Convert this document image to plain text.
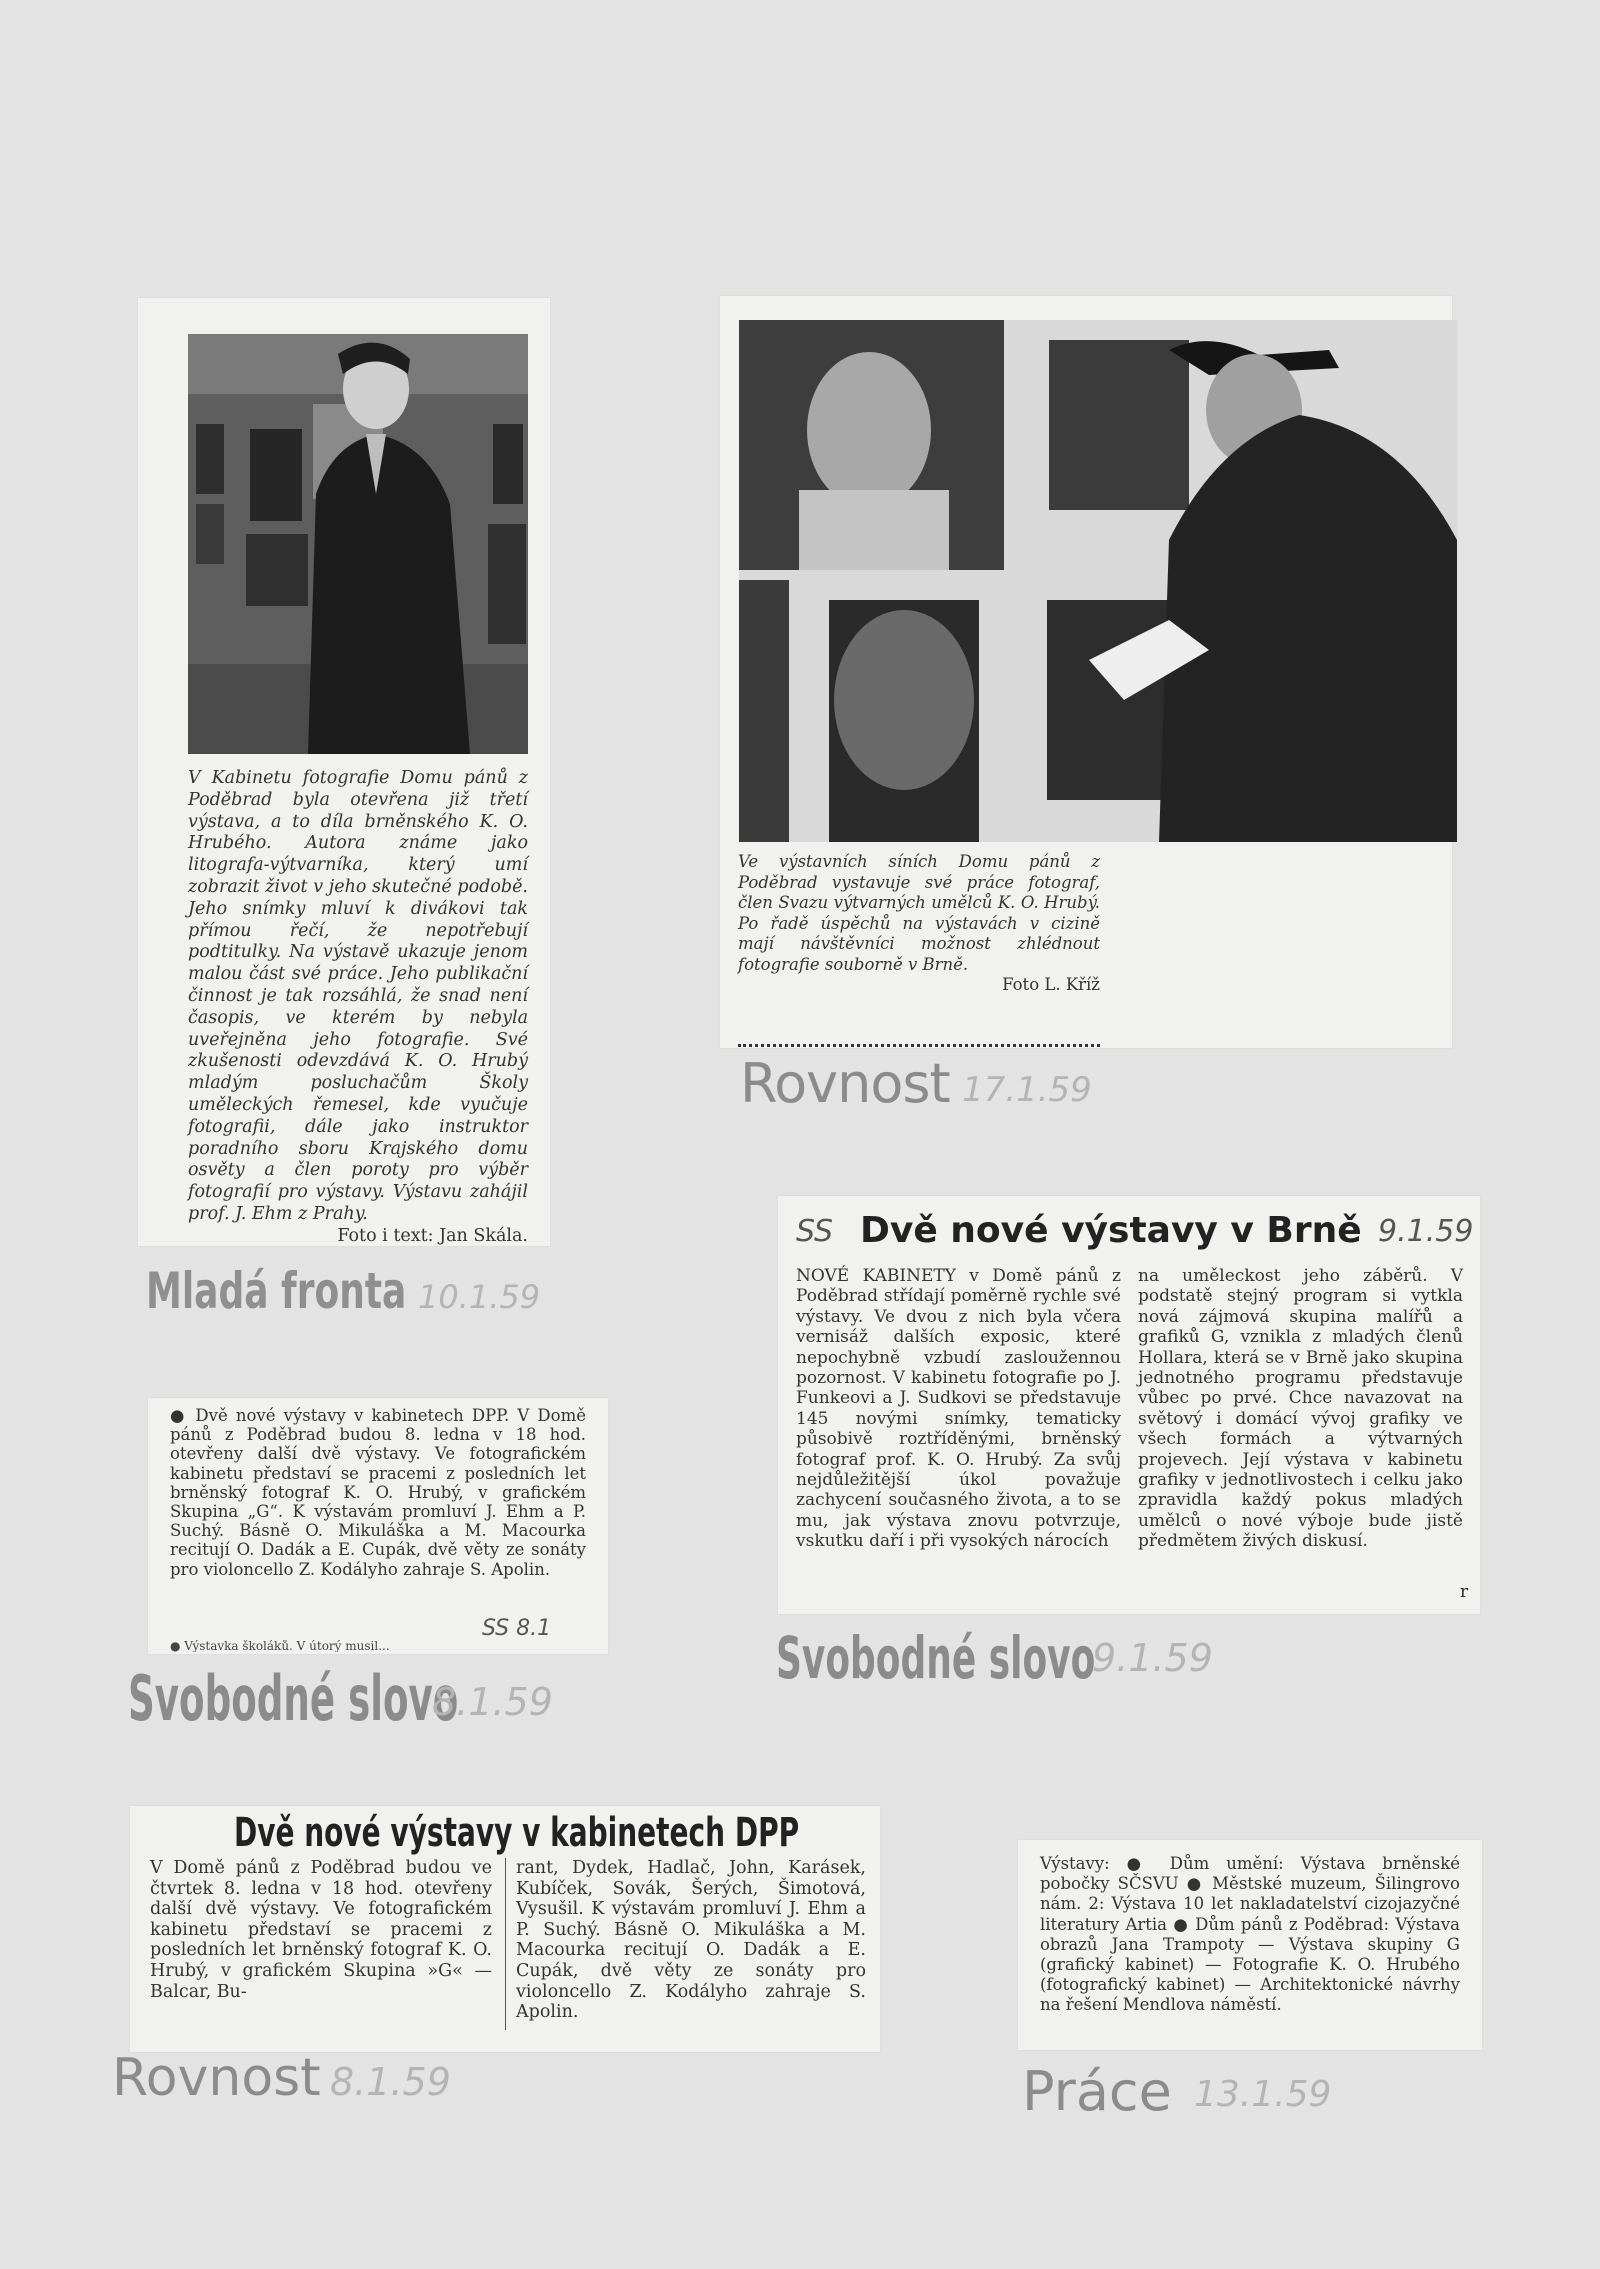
V Kabinetu fotografie Domu pánů z Poděbrad byla otevřena již třetí výstava, a to díla brněnského K. O. Hrubého. Autora známe jako litografa-výtvarníka, který umí zobrazit život v jeho skutečné podobě. Jeho snímky mluví k divákovi tak přímou řečí, že nepotřebují podtitulky. Na výstavě ukazuje jenom malou část své práce. Jeho publikační činnost je tak rozsáhlá, že snad není časopis, ve kterém by nebyla uveřejněna jeho fotografie. Své zkušenosti odevzdává K. O. Hrubý mladým posluchačům Školy uměleckých řemesel, kde vyučuje fotografii, dále jako instruktor poradního sboru Krajského domu osvěty a člen poroty pro výběr fotografií pro výstavy. Výstavu zahájil prof. J. Ehm z Prahy.
Foto i text: Jan Skála.
Mladá fronta 10.1.59
Ve výstavních síních Domu pánů z Poděbrad vystavuje své práce fotograf, člen Svazu výtvarných umělců K. O. Hrubý. Po řadě úspěchů na výstavách v cizině mají návštěvníci možnost zhlédnout fotografie souborně v Brně.
Foto L. Kříž
Rovnost 17.1.59
SS Dvě nové výstavy v Brně 9.1.59
NOVÉ KABINETY v Domě pánů z Poděbrad střídají poměrně rychle své výstavy. Ve dvou z nich byla včera vernisáž dalších exposic, které nepochybně vzbudí zasloužennou pozornost. V kabinetu fotografie po J. Funkeovi a J. Sudkovi se představuje 145 novými snímky, tematicky působivě roztříděnými, brněnský fotograf prof. K. O. Hrubý. Za svůj nejdůležitější úkol považuje zachycení současného života, a to se mu, jak výstava znovu potvrzuje, vskutku daří i při vysokých nárocích
na uměleckost jeho záběrů. V podstatě stejný program si vytkla nová zájmová skupina malířů a grafiků G, vznikla z mladých členů Hollara, která se v Brně jako skupina jednotného programu představuje vůbec po prvé. Chce navazovat na světový i domácí vývoj grafiky ve všech formách a výtvarných projevech. Její výstava v kabinetu grafiky v jednotlivostech i celku jako zpravidla každý pokus mladých umělců o nové výboje bude jistě předmětem živých diskusí.
r
Svobodné slovo
9.1.59
● Dvě nové výstavy v kabinetech DPP. V Domě pánů z Poděbrad budou 8. ledna v 18 hod. otevřeny další dvě výstavy. Ve fotografickém kabinetu představí se pracemi z posledních let brněnský fotograf K. O. Hrubý, v grafickém Skupina „G“. K výstavám promluví J. Ehm a P. Suchý. Básně O. Mikuláška a M. Macourka recitují O. Dadák a E. Cupák, dvě věty ze sonáty pro violoncello Z. Kodályho zahraje S. Apolin.
SS 8.1
● Výstavka školáků. V útorý musil...
Svobodné slovo
8.1.59
Dvě nové výstavy v kabinetech DPP
V Domě pánů z Poděbrad budou ve čtvrtek 8. ledna v 18 hod. otevřeny další dvě výstavy. Ve fotografickém kabinetu představí se pracemi z posledních let brněnský fotograf K. O. Hrubý, v grafickém Skupina »G« — Balcar, Bu-
rant, Dydek, Hadlač, John, Karásek, Kubíček, Sovák, Šerých, Šimotová, Vysušil. K výstavám promluví J. Ehm a P. Suchý. Básně O. Mikuláška a M. Macourka recitují O. Dadák a E. Cupák, dvě věty ze sonáty pro violoncello Z. Kodályho zahraje S. Apolin.
Rovnost 8.1.59
Výstavy: ● Dům umění: Výstava brněnské pobočky SČSVU ● Městské muzeum, Šilingrovo nám. 2: Výstava 10 let nakladatelství cizojazyčné literatury Artia ● Dům pánů z Poděbrad: Výstava obrazů Jana Trampoty — Výstava skupiny G (grafický kabinet) — Fotografie K. O. Hrubého (fotografický kabinet) — Architektonické návrhy na řešení Mendlova náměstí.
Práce 13.1.59
